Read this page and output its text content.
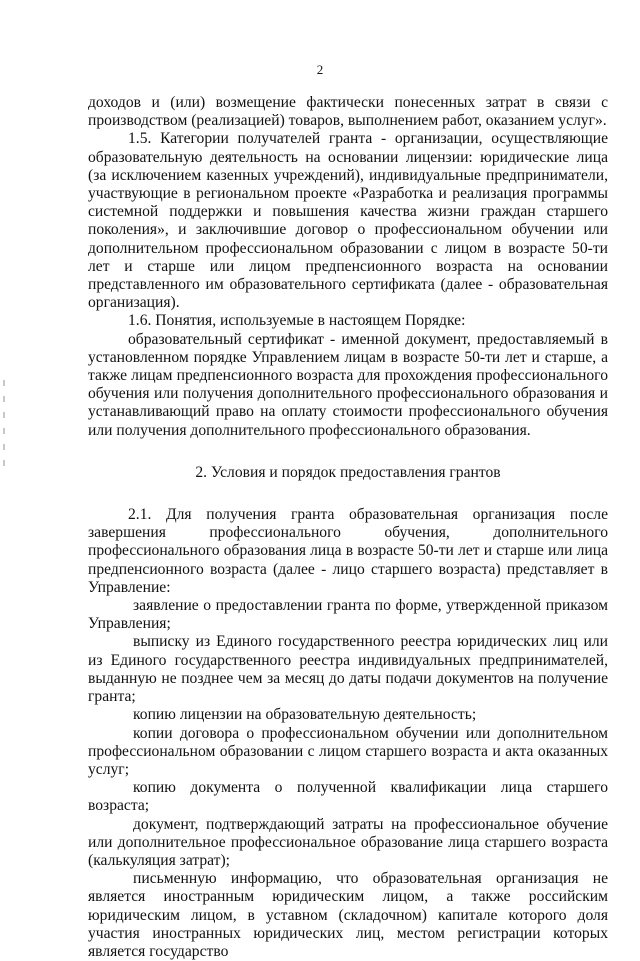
2

доходов и (или) возмещение фактически понесенных затрат в связи с производством (реализацией) товаров, выполнением работ, оказанием услуг».

1.5. Категории получателей гранта - организации, осуществляющие образовательную деятельность на основании лицензии: юридические лица (за исключением казенных учреждений), индивидуальные предприниматели, участвующие в региональном проекте «Разработка и реализация программы системной поддержки и повышения качества жизни граждан старшего поколения», и заключившие договор о профессиональном обучении или дополнительном профессиональном образовании с лицом в возрасте 50-ти лет и старше или лицом предпенсионного возраста на основании представленного им образовательного сертификата (далее - образовательная организация).

1.6. Понятия, используемые в настоящем Порядке:

образовательный сертификат - именной документ, предоставляемый в установленном порядке Управлением лицам в возрасте 50-ти лет и старше, а также лицам предпенсионного возраста для прохождения профессионального обучения или получения дополнительного профессионального образования и устанавливающий право на оплату стоимости профессионального обучения или получения дополнительного профессионального образования.

2. Условия и порядок предоставления грантов

2.1. Для получения гранта образовательная организация после завершения профессионального обучения, дополнительного профессионального образования лица в возрасте 50-ти лет и старше или лица предпенсионного возраста (далее - лицо старшего возраста) представляет в Управление:

заявление о предоставлении гранта по форме, утвержденной приказом Управления;

выписку из Единого государственного реестра юридических лиц или из Единого государственного реестра индивидуальных предпринимателей, выданную не позднее чем за месяц до даты подачи документов на получение гранта;

копию лицензии на образовательную деятельность;

копии договора о профессиональном обучении или дополнительном профессиональном образовании с лицом старшего возраста и акта оказанных услуг;

копию документа о полученной квалификации лица старшего возраста;

документ, подтверждающий затраты на профессиональное обучение или дополнительное профессиональное образование лица старшего возраста (калькуляция затрат);

письменную информацию, что образовательная организация не является иностранным юридическим лицом, а также российским юридическим лицом, в уставном (складочном) капитале которого доля участия иностранных юридических лиц, местом регистрации которых является государство
